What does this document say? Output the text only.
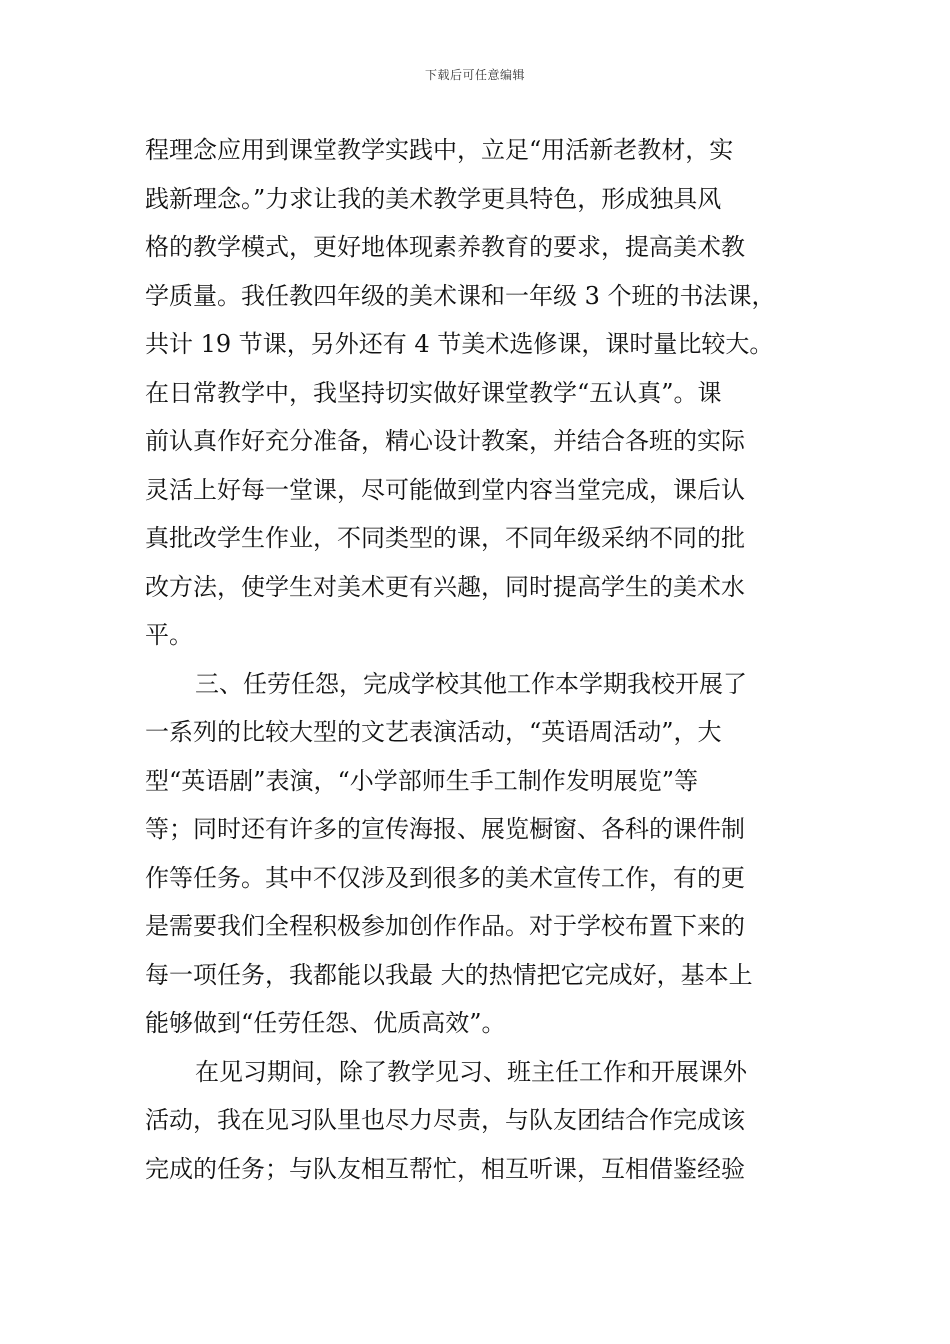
下载后可任意编辑
程理念应用到课堂教学实践中，立足“用活新老教材，实
践新理念。”力求让我的美术教学更具特色，形成独具风
格的教学模式，更好地体现素养教育的要求，提高美术教
学质量。我任教四年级的美术课和一年级 3 个班的书法课，
共计 19 节课，另外还有 4 节美术选修课，课时量比较大。
在日常教学中，我坚持切实做好课堂教学“五认真”。课
前认真作好充分准备，精心设计教案，并结合各班的实际
灵活上好每一堂课，尽可能做到堂内容当堂完成，课后认
真批改学生作业，不同类型的课，不同年级采纳不同的批
改方法，使学生对美术更有兴趣，同时提高学生的美术水
平。
三、任劳任怨，完成学校其他工作本学期我校开展了
一系列的比较大型的文艺表演活动，“英语周活动”，大
型“英语剧”表演，“小学部师生手工制作发明展览”等
等；同时还有许多的宣传海报、展览橱窗、各科的课件制
作等任务。其中不仅涉及到很多的美术宣传工作，有的更
是需要我们全程积极参加创作作品。对于学校布置下来的
每一项任务，我都能以我最 大的热情把它完成好，基本上
能够做到“任劳任怨、优质高效”。
在见习期间，除了教学见习、班主任工作和开展课外
活动，我在见习队里也尽力尽责，与队友团结合作完成该
完成的任务；与队友相互帮忙，相互听课，互相借鉴经验
